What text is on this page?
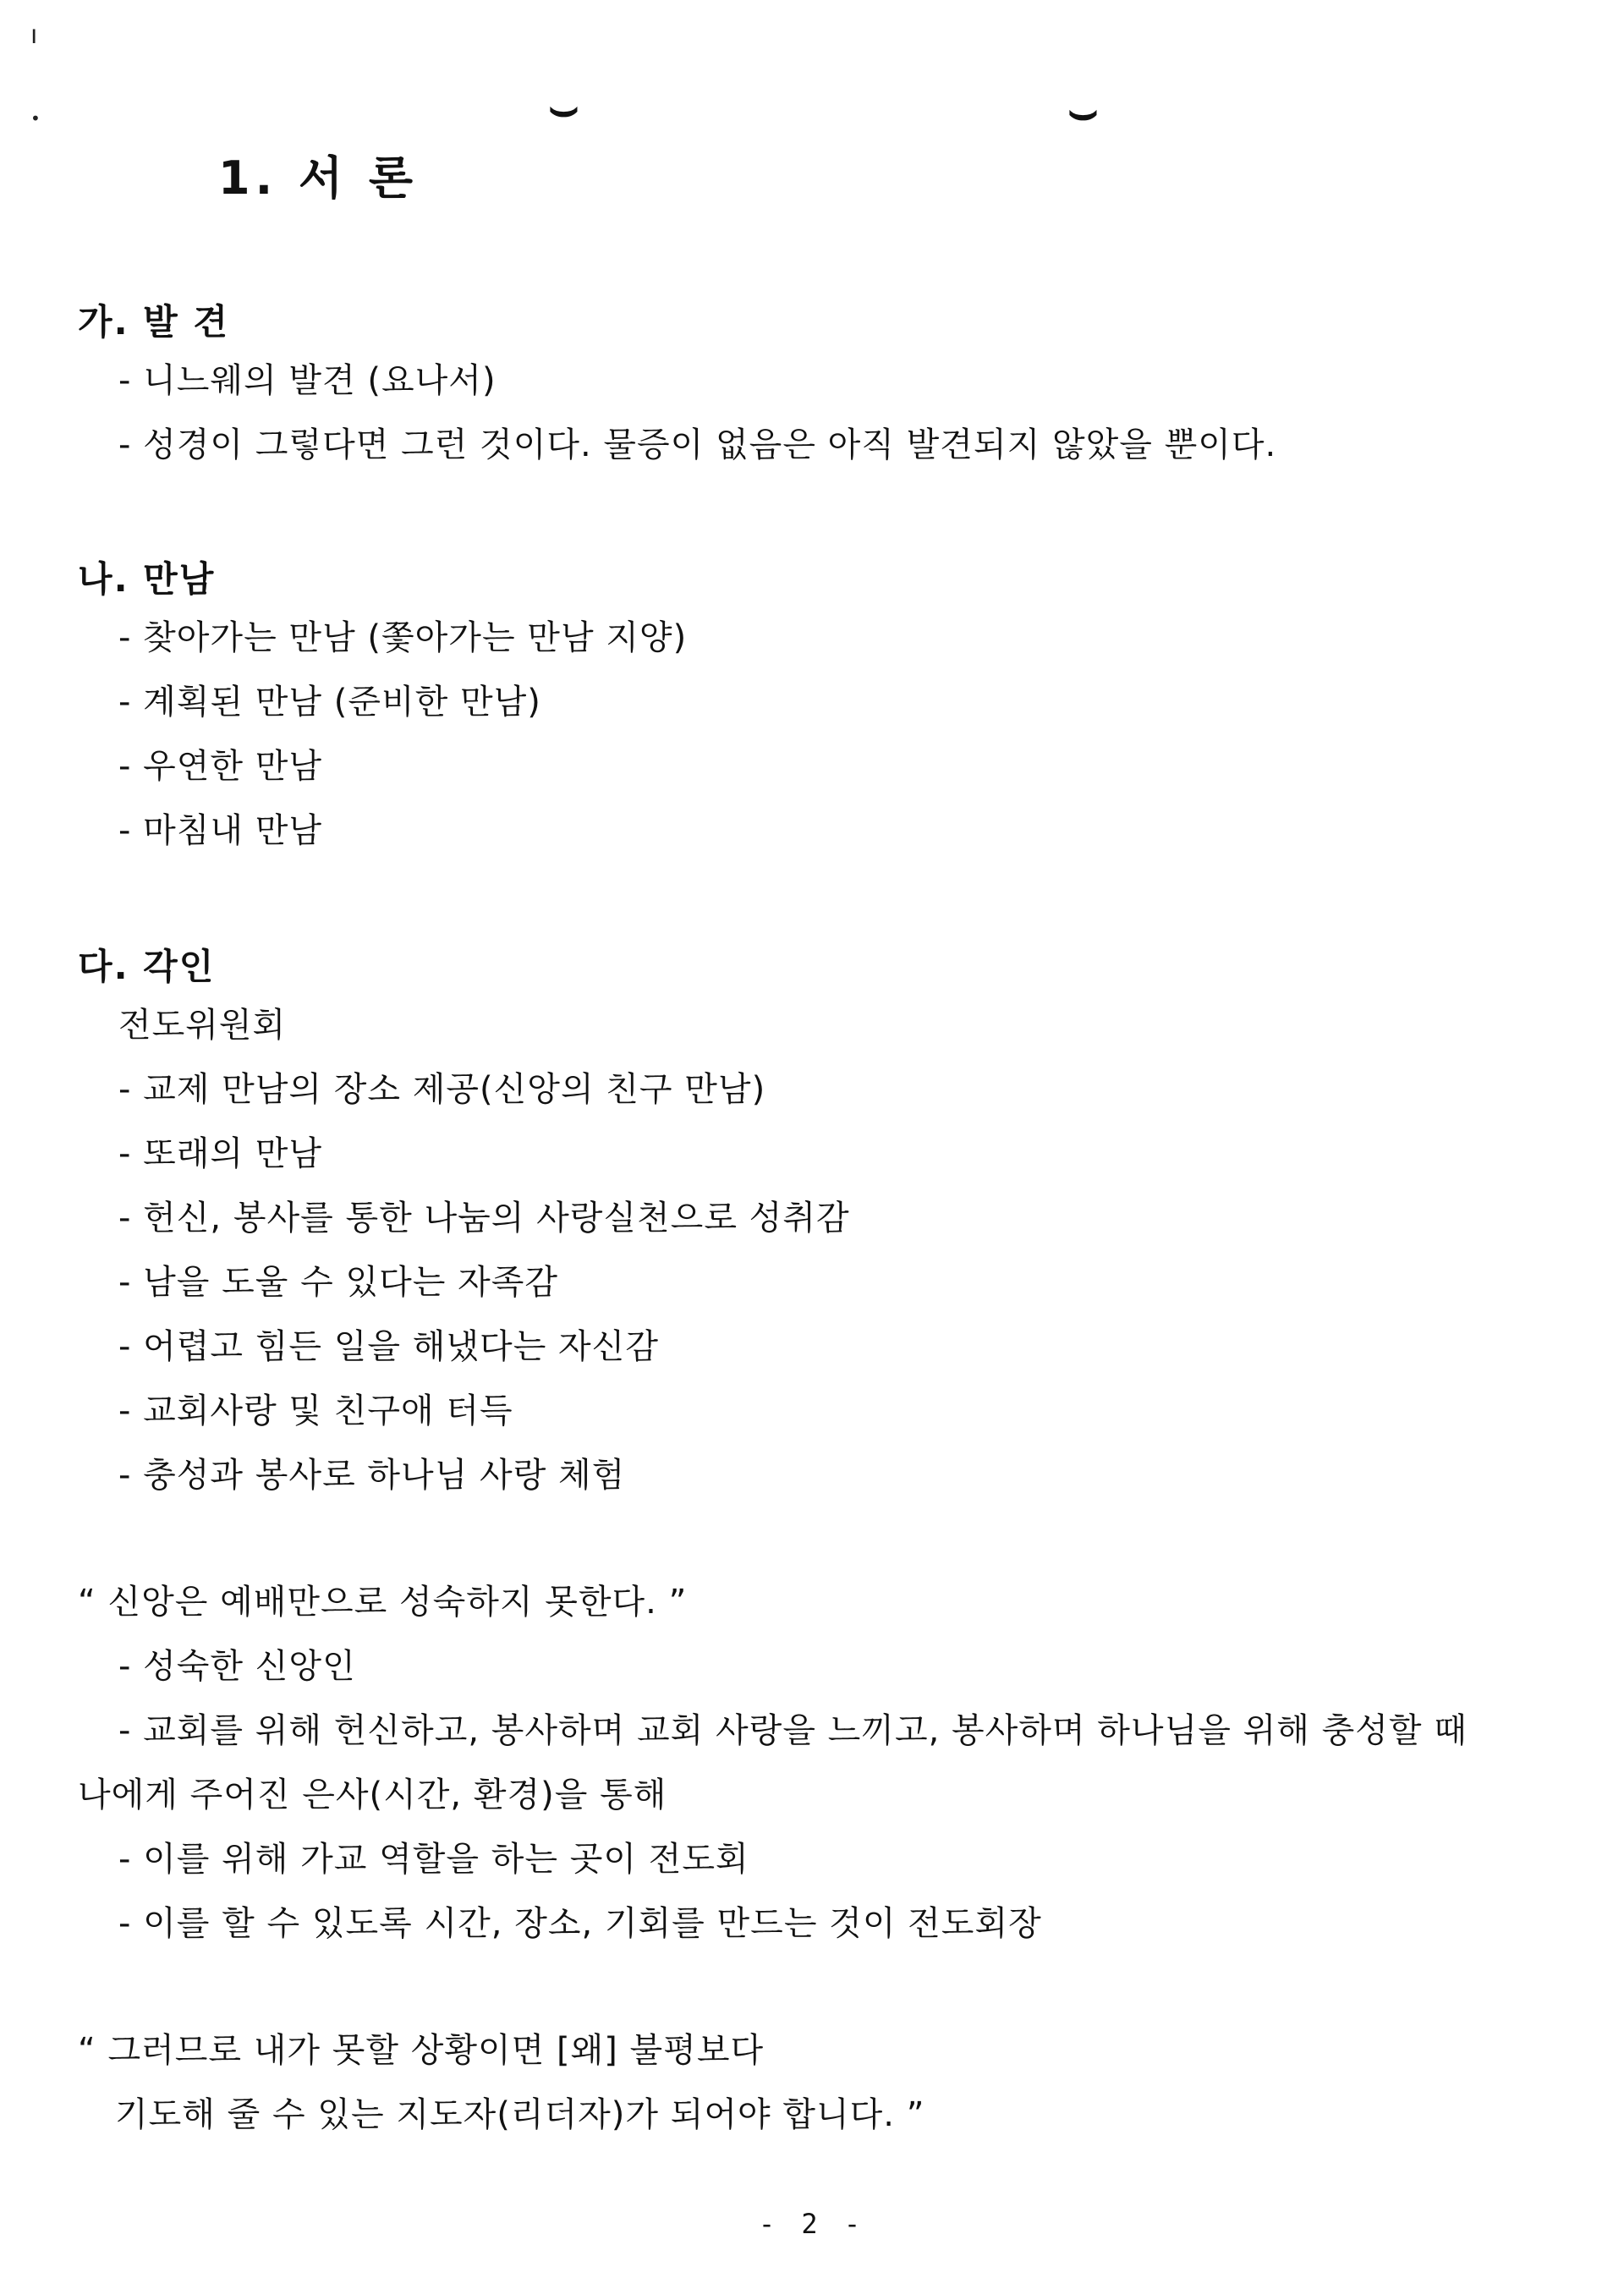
ı
•	⌣	⌣
1. 서 론
가. 발 견

- 니느웨의 발견 (요나서)

- 성경이 그렇다면 그런 것이다. 물증이 없음은 아직 발견되지 않았을 뿐이다.

나. 만남

- 찾아가는 만남 (쫓아가는 만남 지양)

- 계획된 만남 (준비한 만남)

- 우연한 만남

- 마침내 만남

다. 각인

전도위원회

- 교제 만남의 장소 제공(신앙의 친구 만남)

- 또래의 만남

- 헌신, 봉사를 통한 나눔의 사랑실천으로 성취감

- 남을 도울 수 있다는 자족감

- 어렵고 힘든 일을 해냈다는 자신감

- 교회사랑 및 친구애 터득

- 충성과 봉사로 하나님 사랑 체험

“ 신앙은 예배만으로 성숙하지 못한다. ”

- 성숙한 신앙인

- 교회를 위해 헌신하고, 봉사하며 교회 사랑을 느끼고, 봉사하며 하나님을 위해 충성할 때

나에게 주어진 은사(시간, 환경)을 통해

- 이를 위해 가교 역할을 하는 곳이 전도회

- 이를 할 수 있도록 시간, 장소, 기회를 만드는 것이 전도회장

“ 그러므로 내가 못할 상황이면 [왜] 불평보다

기도해 줄 수 있는 지도자(리더자)가 되어야 합니다. ”

- 2 -
